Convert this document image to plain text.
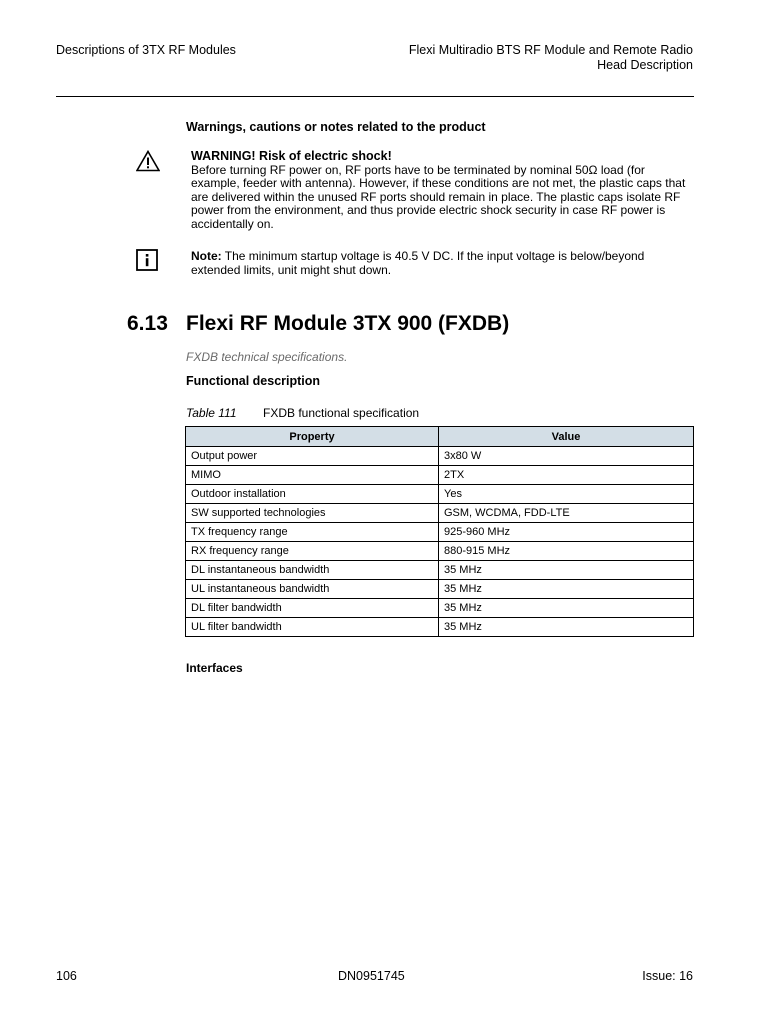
Descriptions of 3TX RF Modules	Flexi Multiradio BTS RF Module and Remote Radio
Head Description
Warnings, cautions or notes related to the product
WARNING! Risk of electric shock!
Before turning RF power on, RF ports have to be terminated by nominal 50Ω load (for example, feeder with antenna). However, if these conditions are not met, the plastic caps that are delivered within the unused RF ports should remain in place. The plastic caps isolate RF power from the environment, and thus provide electric shock security in case RF power is accidentally on.
Note: The minimum startup voltage is 40.5 V DC. If the input voltage is below/beyond extended limits, unit might shut down.
6.13 Flexi RF Module 3TX 900 (FXDB)
FXDB technical specifications.
Functional description
Table 111 FXDB functional specification
Property	Value
Output power	3x80 W
MIMO	2TX
Outdoor installation	Yes
SW supported technologies	GSM, WCDMA, FDD-LTE
TX frequency range	925-960 MHz
RX frequency range	880-915 MHz
DL instantaneous bandwidth	35 MHz
UL instantaneous bandwidth	35 MHz
DL filter bandwidth	35 MHz
UL filter bandwidth	35 MHz
Interfaces
106	DN0951745	Issue: 16
